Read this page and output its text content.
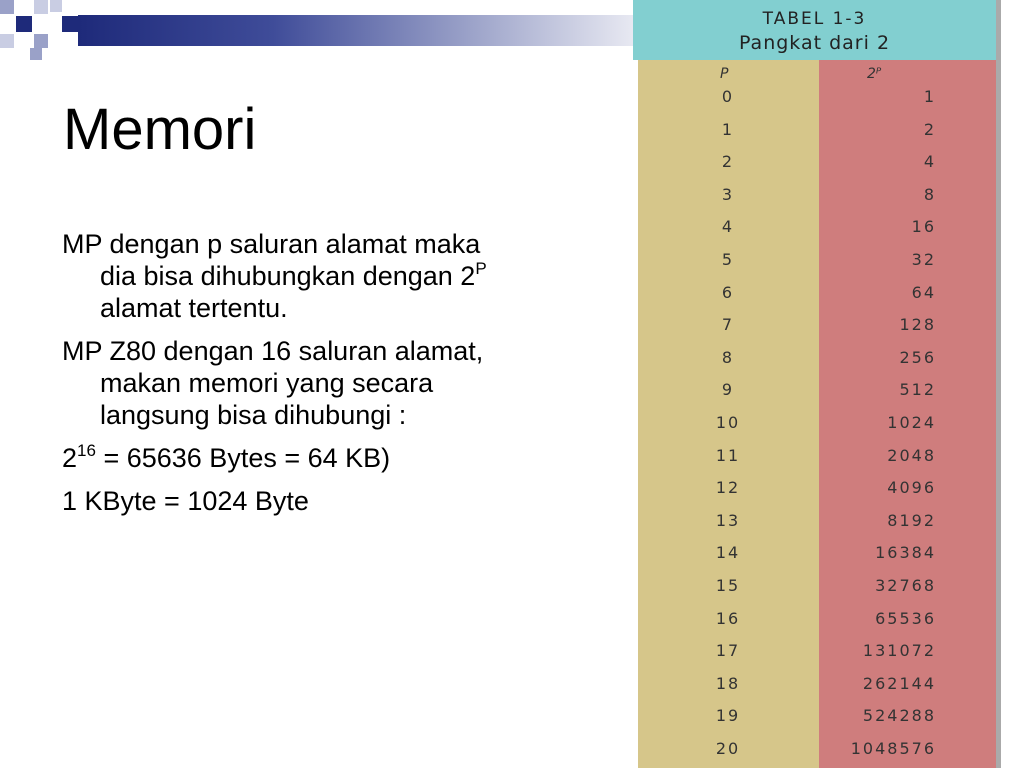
Memori

MP dengan p saluran alamat maka dia bisa dihubungkan dengan $2^P$ alamat tertentu.

MP Z80 dengan 16 saluran alamat, makan memori yang secara langsung bisa dihubungi :

$2^{16} = 65636$ Bytes = 64 KB)

1 KByte = 1024 Byte

TABEL 1-3
Pangkat dari 2
P
0
1
2
3
4
5
6
7
8
9
10
11
12
13
14
15
16
17
18
19
20
2ᴾ
1
2
4
8
16
32
64
128
256
512
1024
2048
4096
8192
16384
32768
65536
131072
262144
524288
1048576
